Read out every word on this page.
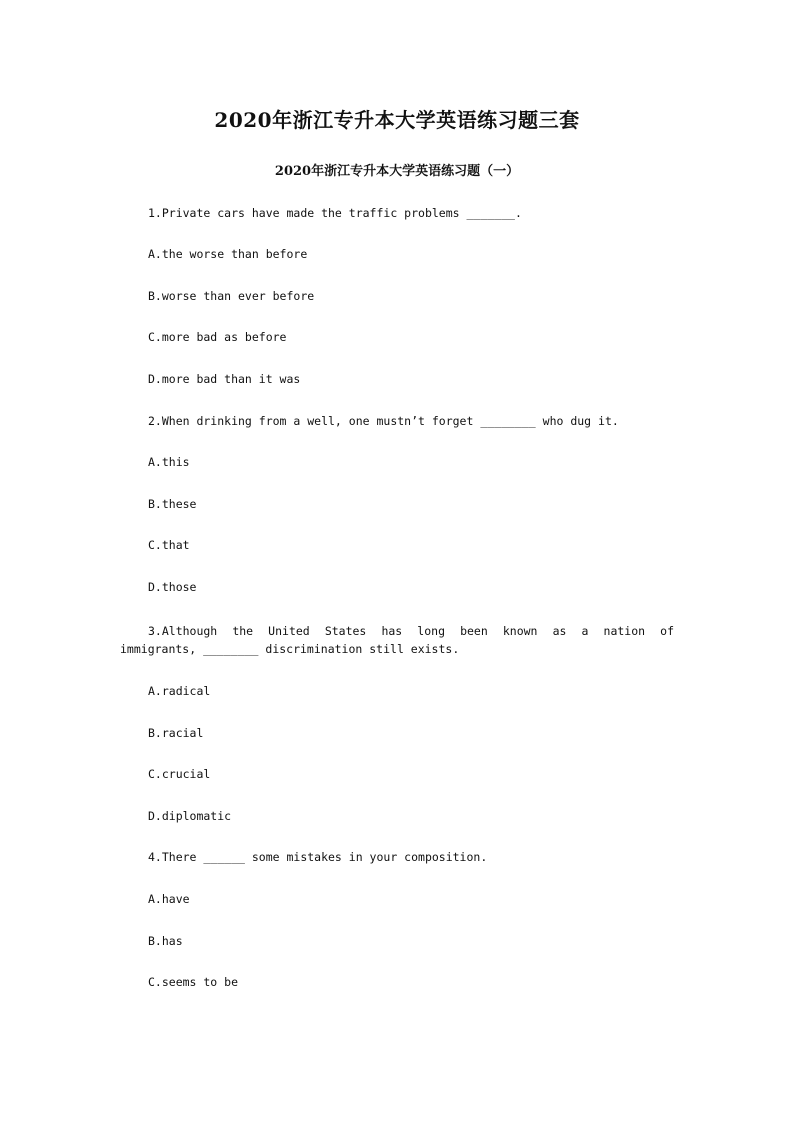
2020年浙江专升本大学英语练习题三套
2020年浙江专升本大学英语练习题（一）
1.Private cars have made the traffic problems _______.
A.the worse than before
B.worse than ever before
C.more bad as before
D.more bad than it was
2.When drinking from a well, one mustn’t forget ________ who dug it.
A.this
B.these
C.that
D.those
3.Although the United States has long been known as a nation of
immigrants, ________ discrimination still exists.
A.radical
B.racial
C.crucial
D.diplomatic
4.There ______ some mistakes in your composition.
A.have
B.has
C.seems to be
